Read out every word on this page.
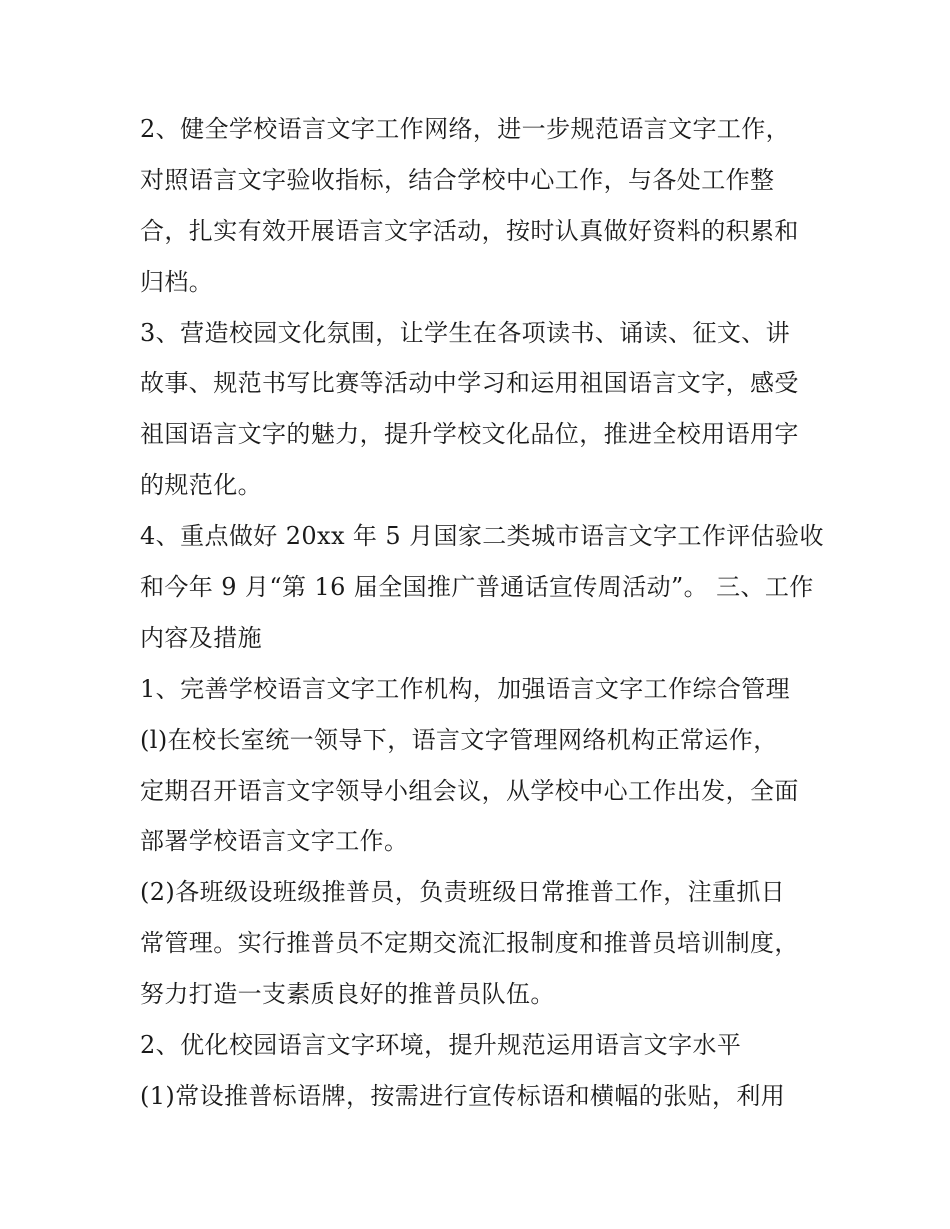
2、健全学校语言文字工作网络，进一步规范语言文字工作，
对照语言文字验收指标，结合学校中心工作，与各处工作整
合，扎实有效开展语言文字活动，按时认真做好资料的积累和
归档。
3、营造校园文化氛围，让学生在各项读书、诵读、征文、讲
故事、规范书写比赛等活动中学习和运用祖国语言文字，感受
祖国语言文字的魅力，提升学校文化品位，推进全校用语用字
的规范化。
4、重点做好 20xx 年 5 月国家二类城市语言文字工作评估验收
和今年 9 月“第 16 届全国推广普通话宣传周活动”。 三、工作
内容及措施
1、完善学校语言文字工作机构，加强语言文字工作综合管理
(l)在校长室统一领导下，语言文字管理网络机构正常运作，
定期召开语言文字领导小组会议，从学校中心工作出发，全面
部署学校语言文字工作。
(2)各班级设班级推普员，负责班级日常推普工作，注重抓日
常管理。实行推普员不定期交流汇报制度和推普员培训制度，
努力打造一支素质良好的推普员队伍。
2、优化校园语言文字环境，提升规范运用语言文字水平
(1)常设推普标语牌，按需进行宣传标语和横幅的张贴，利用
